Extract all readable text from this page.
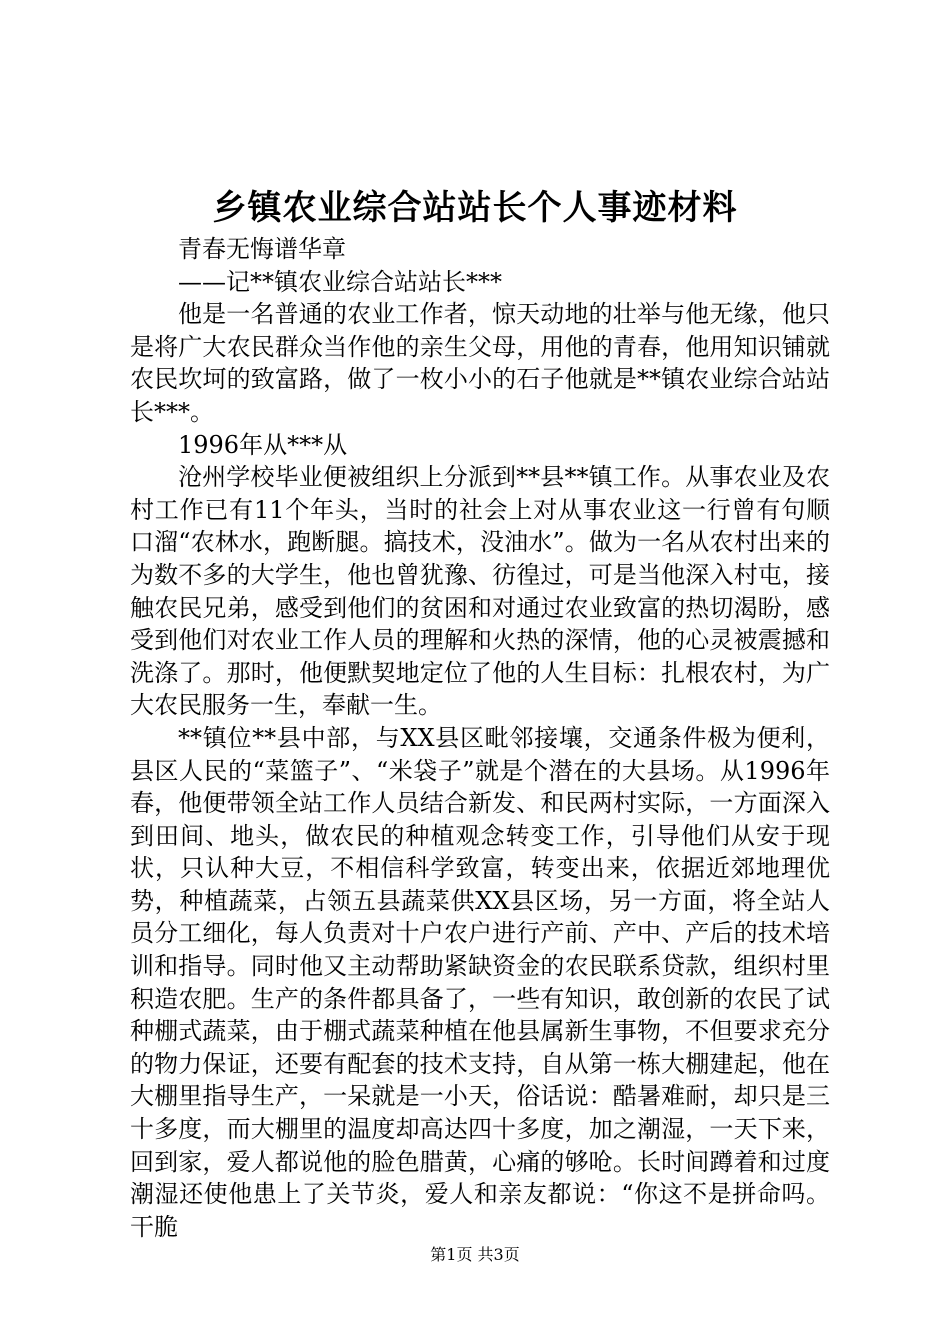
乡镇农业综合站站长个人事迹材料

青春无悔谱华章

——记**镇农业综合站站长***

他是一名普通的农业工作者，惊天动地的壮举与他无缘，他只是将广大农民群众当作他的亲生父母，用他的青春，他用知识铺就农民坎坷的致富路，做了一枚小小的石子他就是**镇农业综合站站长***。

1996年从***从

沧州学校毕业便被组织上分派到**县**镇工作。从事农业及农村工作已有11个年头，当时的社会上对从事农业这一行曾有句顺口溜“农林水，跑断腿。搞技术，没油水”。做为一名从农村出来的为数不多的大学生，他也曾犹豫、彷徨过，可是当他深入村屯，接触农民兄弟，感受到他们的贫困和对通过农业致富的热切渴盼，感受到他们对农业工作人员的理解和火热的深情，他的心灵被震撼和洗涤了。那时，他便默契地定位了他的人生目标：扎根农村，为广大农民服务一生，奉献一生。

**镇位**县中部，与XX县区毗邻接壤，交通条件极为便利，县区人民的“菜篮子”、“米袋子”就是个潜在的大县场。从1996年春，他便带领全站工作人员结合新发、和民两村实际，一方面深入到田间、地头，做农民的种植观念转变工作，引导他们从安于现状，只认种大豆，不相信科学致富，转变出来，依据近郊地理优势，种植蔬菜，占领五县蔬菜供XX县区场，另一方面，将全站人员分工细化，每人负责对十户农户进行产前、产中、产后的技术培训和指导。同时他又主动帮助紧缺资金的农民联系贷款，组织村里积造农肥。生产的条件都具备了，一些有知识，敢创新的农民了试种棚式蔬菜，由于棚式蔬菜种植在他县属新生事物，不但要求充分的物力保证，还要有配套的技术支持，自从第一栋大棚建起，他在大棚里指导生产，一呆就是一小天，俗话说：酷暑难耐，却只是三十多度，而大棚里的温度却高达四十多度，加之潮湿，一天下来，回到家，爱人都说他的脸色腊黄，心痛的够呛。长时间蹲着和过度潮湿还使他患上了关节炎，爱人和亲友都说：“你这不是拼命吗。干脆

第1页 共3页
